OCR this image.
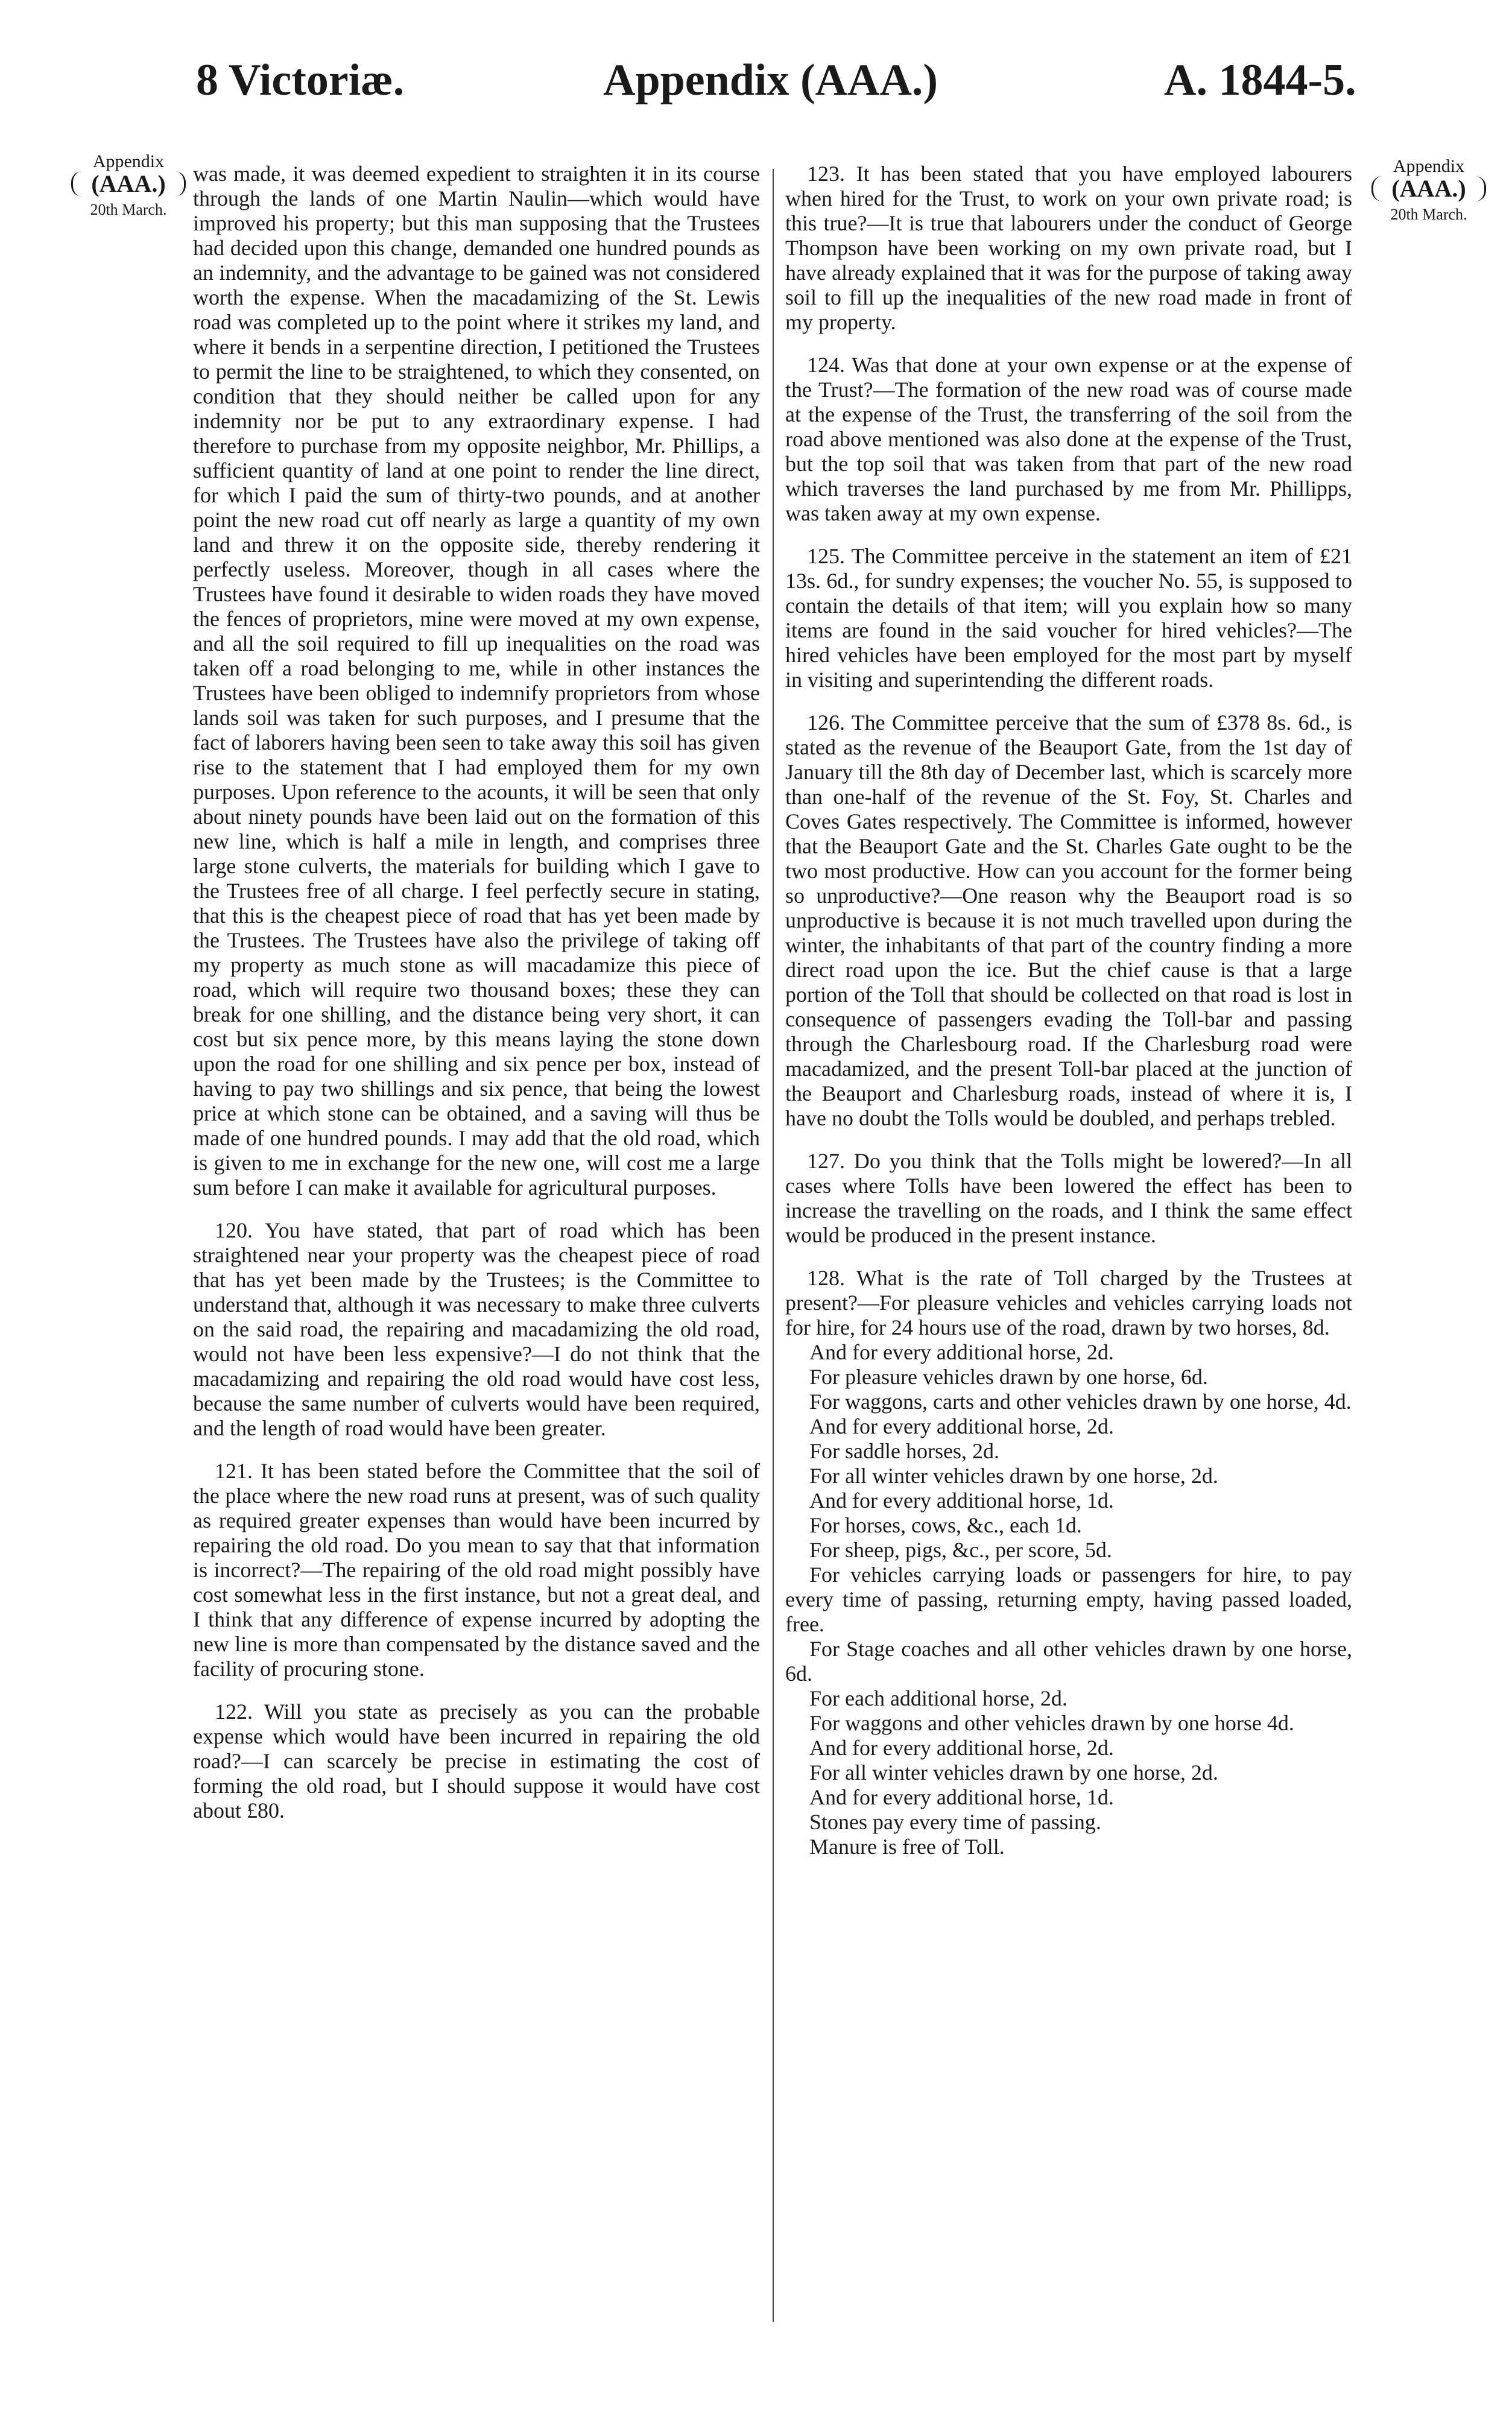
8 Victoriæ.	Appendix (AAA.)	A. 1844-5.
Appendix
(AAA.)
20th March.
Appendix
(AAA.)
20th March.

was made, it was deemed expedient to straighten it in its course through the lands of one Martin Naulin—which would have improved his property; but this man supposing that the Trustees had decided upon this change, demanded one hundred pounds as an indemnity, and the advantage to be gained was not considered worth the expense. When the macadamizing of the St. Lewis road was completed up to the point where it strikes my land, and where it bends in a serpentine direction, I petitioned the Trustees to permit the line to be straightened, to which they consented, on condition that they should neither be called upon for any indemnity nor be put to any extraordinary expense. I had therefore to purchase from my opposite neighbor, Mr. Phillips, a sufficient quantity of land at one point to render the line direct, for which I paid the sum of thirty-two pounds, and at another point the new road cut off nearly as large a quantity of my own land and threw it on the opposite side, thereby rendering it perfectly useless. Moreover, though in all cases where the Trustees have found it desirable to widen roads they have moved the fences of proprietors, mine were moved at my own expense, and all the soil required to fill up inequalities on the road was taken off a road belonging to me, while in other instances the Trustees have been obliged to indemnify proprietors from whose lands soil was taken for such purposes, and I presume that the fact of laborers having been seen to take away this soil has given rise to the statement that I had employed them for my own purposes. Upon reference to the acounts, it will be seen that only about ninety pounds have been laid out on the formation of this new line, which is half a mile in length, and comprises three large stone culverts, the materials for building which I gave to the Trustees free of all charge. I feel perfectly secure in stating, that this is the cheapest piece of road that has yet been made by the Trustees. The Trustees have also the privilege of taking off my property as much stone as will macadamize this piece of road, which will require two thousand boxes; these they can break for one shilling, and the distance being very short, it can cost but six pence more, by this means laying the stone down upon the road for one shilling and six pence per box, instead of having to pay two shillings and six pence, that being the lowest price at which stone can be obtained, and a saving will thus be made of one hundred pounds. I may add that the old road, which is given to me in exchange for the new one, will cost me a large sum before I can make it available for agricultural purposes.

120. You have stated, that part of road which has been straightened near your property was the cheapest piece of road that has yet been made by the Trustees; is the Committee to understand that, although it was necessary to make three culverts on the said road, the repairing and macadamizing the old road, would not have been less expensive?—I do not think that the macadamizing and repairing the old road would have cost less, because the same number of culverts would have been required, and the length of road would have been greater.

121. It has been stated before the Committee that the soil of the place where the new road runs at present, was of such quality as required greater expenses than would have been incurred by repairing the old road. Do you mean to say that that information is incorrect?—The repairing of the old road might possibly have cost somewhat less in the first instance, but not a great deal, and I think that any difference of expense incurred by adopting the new line is more than compensated by the distance saved and the facility of procuring stone.

122. Will you state as precisely as you can the probable expense which would have been incurred in repairing the old road?—I can scarcely be precise in estimating the cost of forming the old road, but I should suppose it would have cost about £80.

123. It has been stated that you have employed labourers when hired for the Trust, to work on your own private road; is this true?—It is true that labourers under the conduct of George Thompson have been working on my own private road, but I have already explained that it was for the purpose of taking away soil to fill up the inequalities of the new road made in front of my property.

124. Was that done at your own expense or at the expense of the Trust?—The formation of the new road was of course made at the expense of the Trust, the transferring of the soil from the road above mentioned was also done at the expense of the Trust, but the top soil that was taken from that part of the new road which traverses the land purchased by me from Mr. Phillipps, was taken away at my own expense.

125. The Committee perceive in the statement an item of £21 13s. 6d., for sundry expenses; the voucher No. 55, is supposed to contain the details of that item; will you explain how so many items are found in the said voucher for hired vehicles?—The hired vehicles have been employed for the most part by myself in visiting and superintending the different roads.

126. The Committee perceive that the sum of £378 8s. 6d., is stated as the revenue of the Beauport Gate, from the 1st day of January till the 8th day of December last, which is scarcely more than one-half of the revenue of the St. Foy, St. Charles and Coves Gates respectively. The Committee is informed, however that the Beauport Gate and the St. Charles Gate ought to be the two most productive. How can you account for the former being so unproductive?—One reason why the Beauport road is so unproductive is because it is not much travelled upon during the winter, the inhabitants of that part of the country finding a more direct road upon the ice. But the chief cause is that a large portion of the Toll that should be collected on that road is lost in consequence of passengers evading the Toll-bar and passing through the Charlesbourg road. If the Charlesburg road were macadamized, and the present Toll-bar placed at the junction of the Beauport and Charlesburg roads, instead of where it is, I have no doubt the Tolls would be doubled, and perhaps trebled.

127. Do you think that the Tolls might be lowered?—In all cases where Tolls have been lowered the effect has been to increase the travelling on the roads, and I think the same effect would be produced in the present instance.

128. What is the rate of Toll charged by the Trustees at present?—For pleasure vehicles and vehicles carrying loads not for hire, for 24 hours use of the road, drawn by two horses, 8d.

And for every additional horse, 2d.
For pleasure vehicles drawn by one horse, 6d.
For waggons, carts and other vehicles drawn by one horse, 4d.
And for every additional horse, 2d.
For saddle horses, 2d.
For all winter vehicles drawn by one horse, 2d.
And for every additional horse, 1d.
For horses, cows, &c., each 1d.
For sheep, pigs, &c., per score, 5d.
For vehicles carrying loads or passengers for hire, to pay every time of passing, returning empty, having passed loaded, free.
For Stage coaches and all other vehicles drawn by one horse, 6d.
For each additional horse, 2d.
For waggons and other vehicles drawn by one horse 4d.
And for every additional horse, 2d.
For all winter vehicles drawn by one horse, 2d.
And for every additional horse, 1d.
Stones pay every time of passing.
Manure is free of Toll.
